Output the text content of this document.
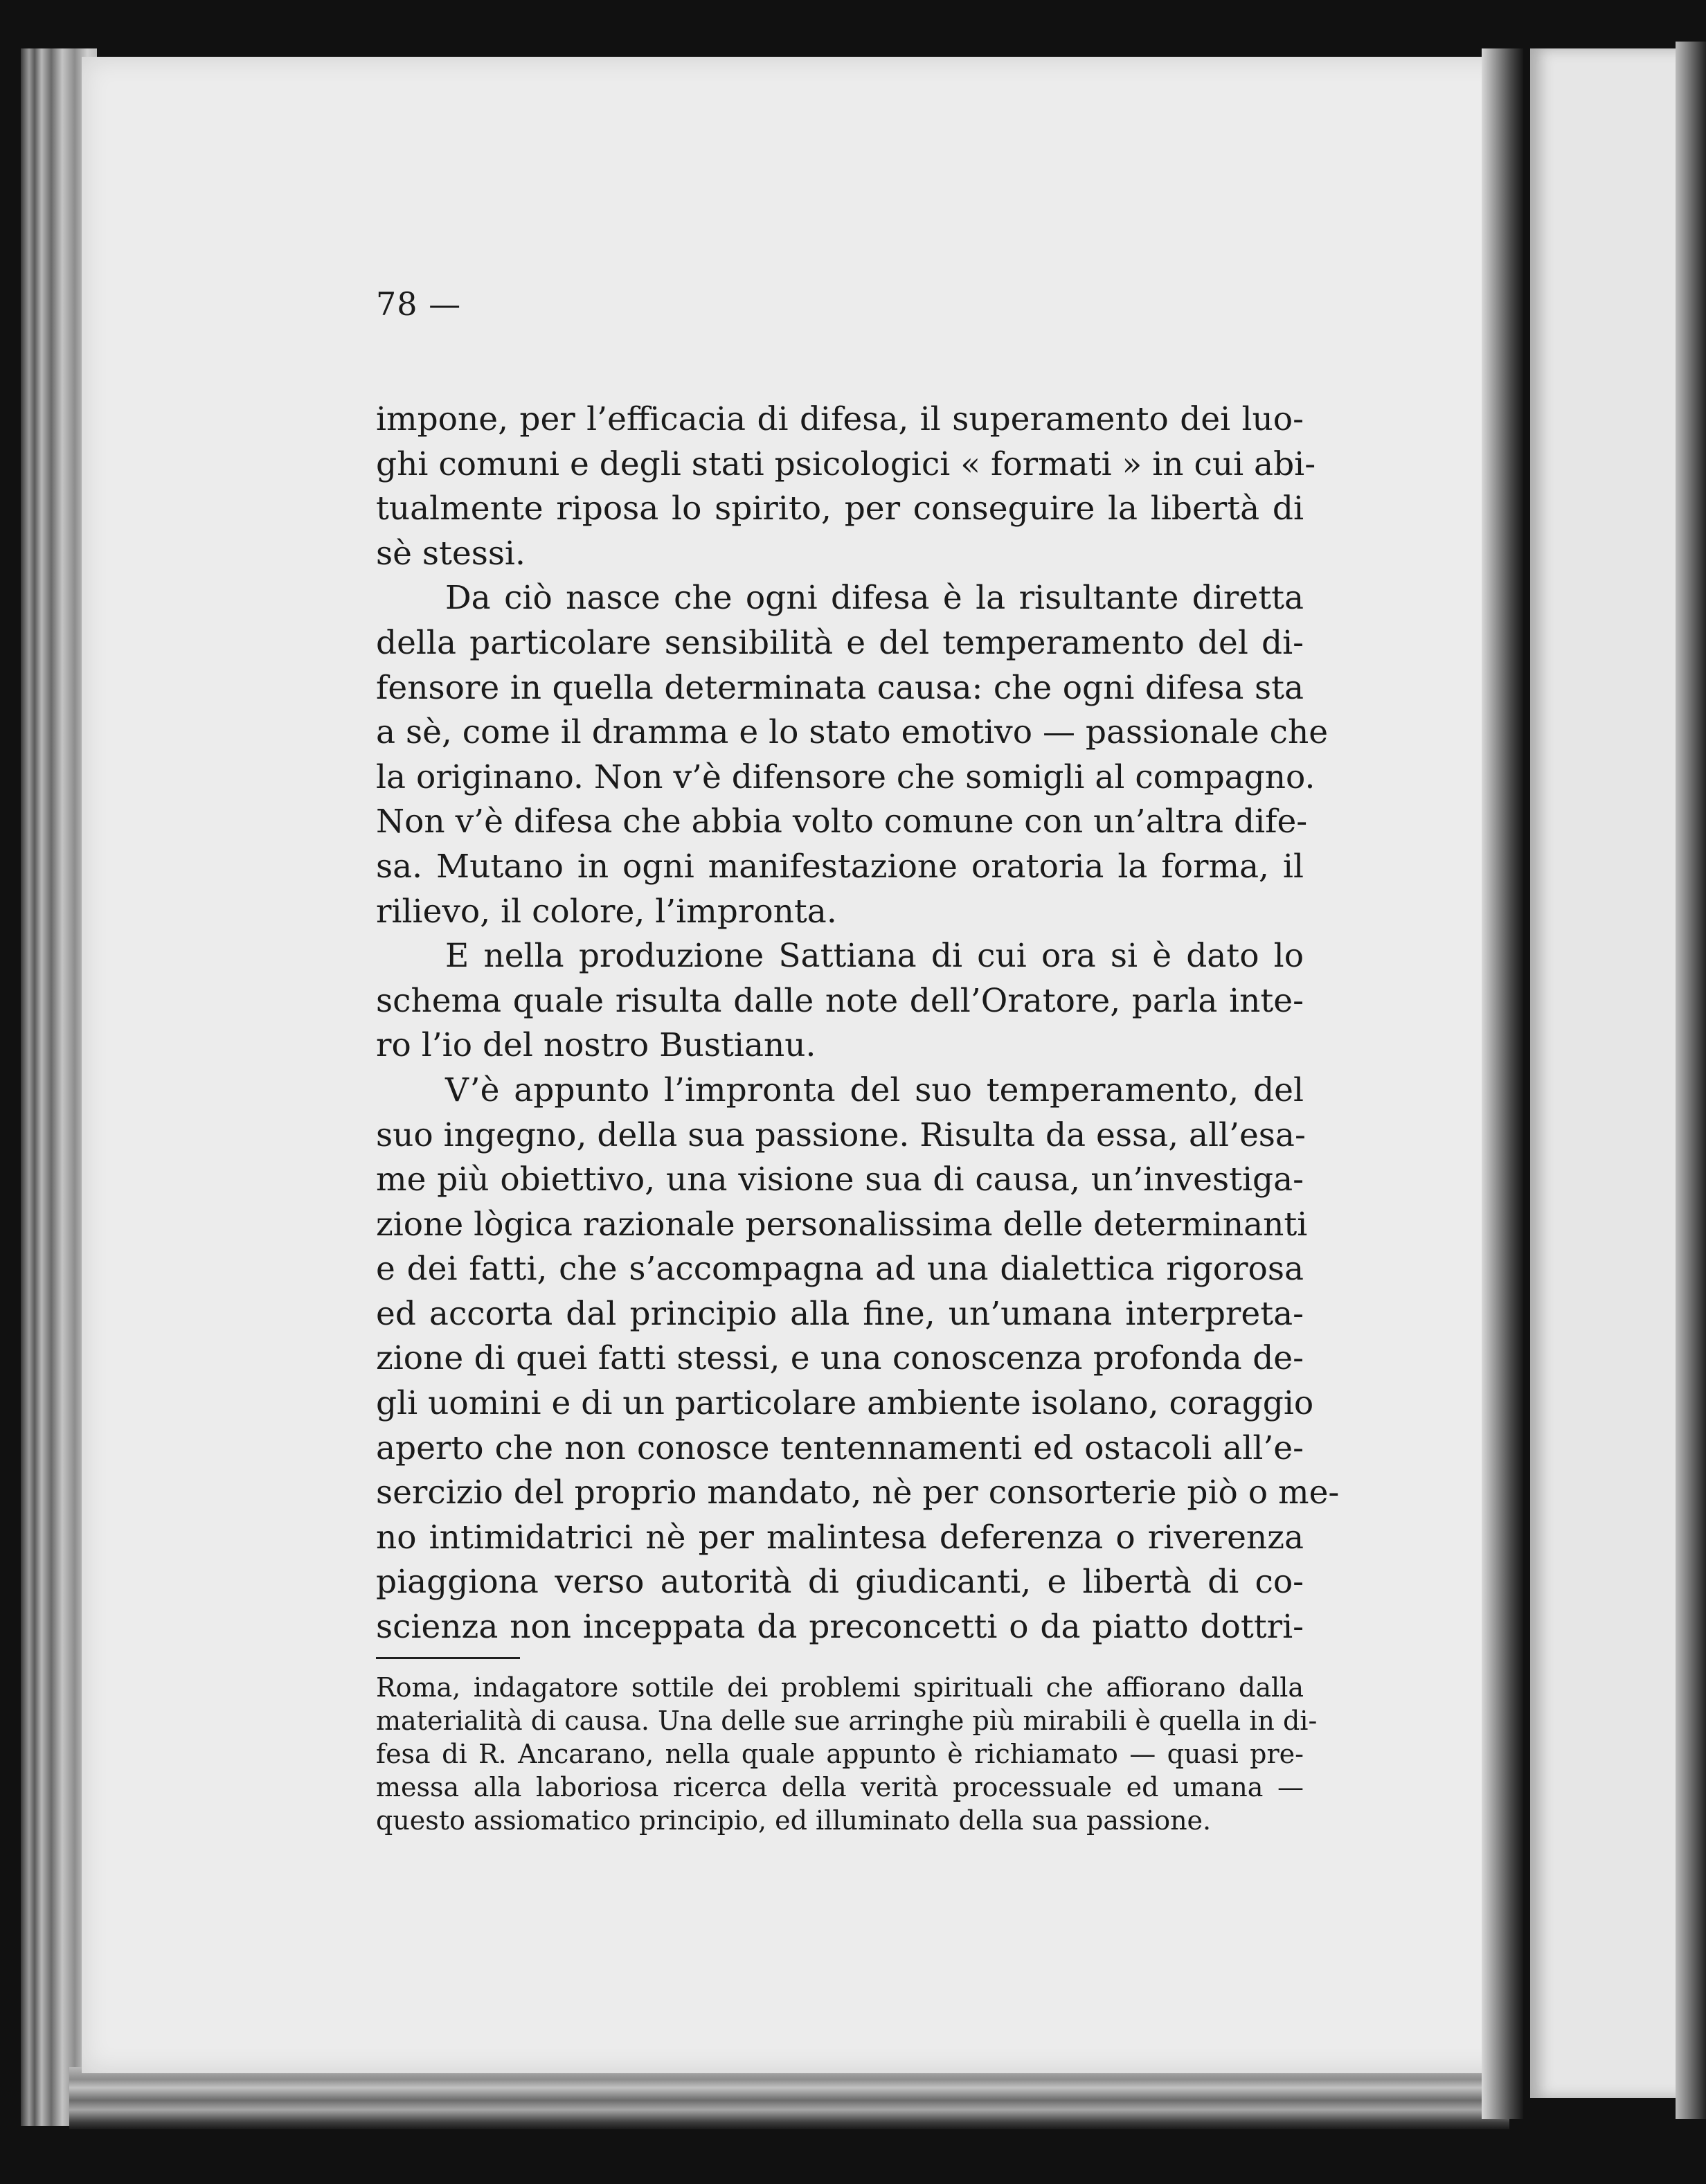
78 —

impone, per l’efficacia di difesa, il superamento dei luo-
ghi comuni e degli stati psicologici « formati » in cui abi-
tualmente riposa lo spirito, per conseguire la libertà di
sè stessi.
Da ciò nasce che ogni difesa è la risultante diretta
della particolare sensibilità e del temperamento del di-
fensore in quella determinata causa: che ogni difesa sta
a sè, come il dramma e lo stato emotivo — passionale che
la originano. Non v’è difensore che somigli al compagno.
Non v’è difesa che abbia volto comune con un’altra dife-
sa. Mutano in ogni manifestazione oratoria la forma, il
rilievo, il colore, l’impronta.
E nella produzione Sattiana di cui ora si è dato lo
schema quale risulta dalle note dell’Oratore, parla inte-
ro l’io del nostro Bustianu.
V’è appunto l’impronta del suo temperamento, del
suo ingegno, della sua passione. Risulta da essa, all’esa-
me più obiettivo, una visione sua di causa, un’investiga-
zione lògica razionale personalissima delle determinanti
e dei fatti, che s’accompagna ad una dialettica rigorosa
ed accorta dal principio alla fine, un’umana interpreta-
zione di quei fatti stessi, e una conoscenza profonda de-
gli uomini e di un particolare ambiente isolano, coraggio
aperto che non conosce tentennamenti ed ostacoli all’e-
sercizio del proprio mandato, nè per consorterie piò o me-
no intimidatrici nè per malintesa deferenza o riverenza
piaggiona verso autorità di giudicanti, e libertà di co-
scienza non inceppata da preconcetti o da piatto dottri-
Roma, indagatore sottile dei problemi spirituali che affiorano dalla
materialità di causa. Una delle sue arringhe più mirabili è quella in di-
fesa di R. Ancarano, nella quale appunto è richiamato — quasi pre-
messa alla laboriosa ricerca della verità processuale ed umana —
questo assiomatico principio, ed illuminato della sua passione.
